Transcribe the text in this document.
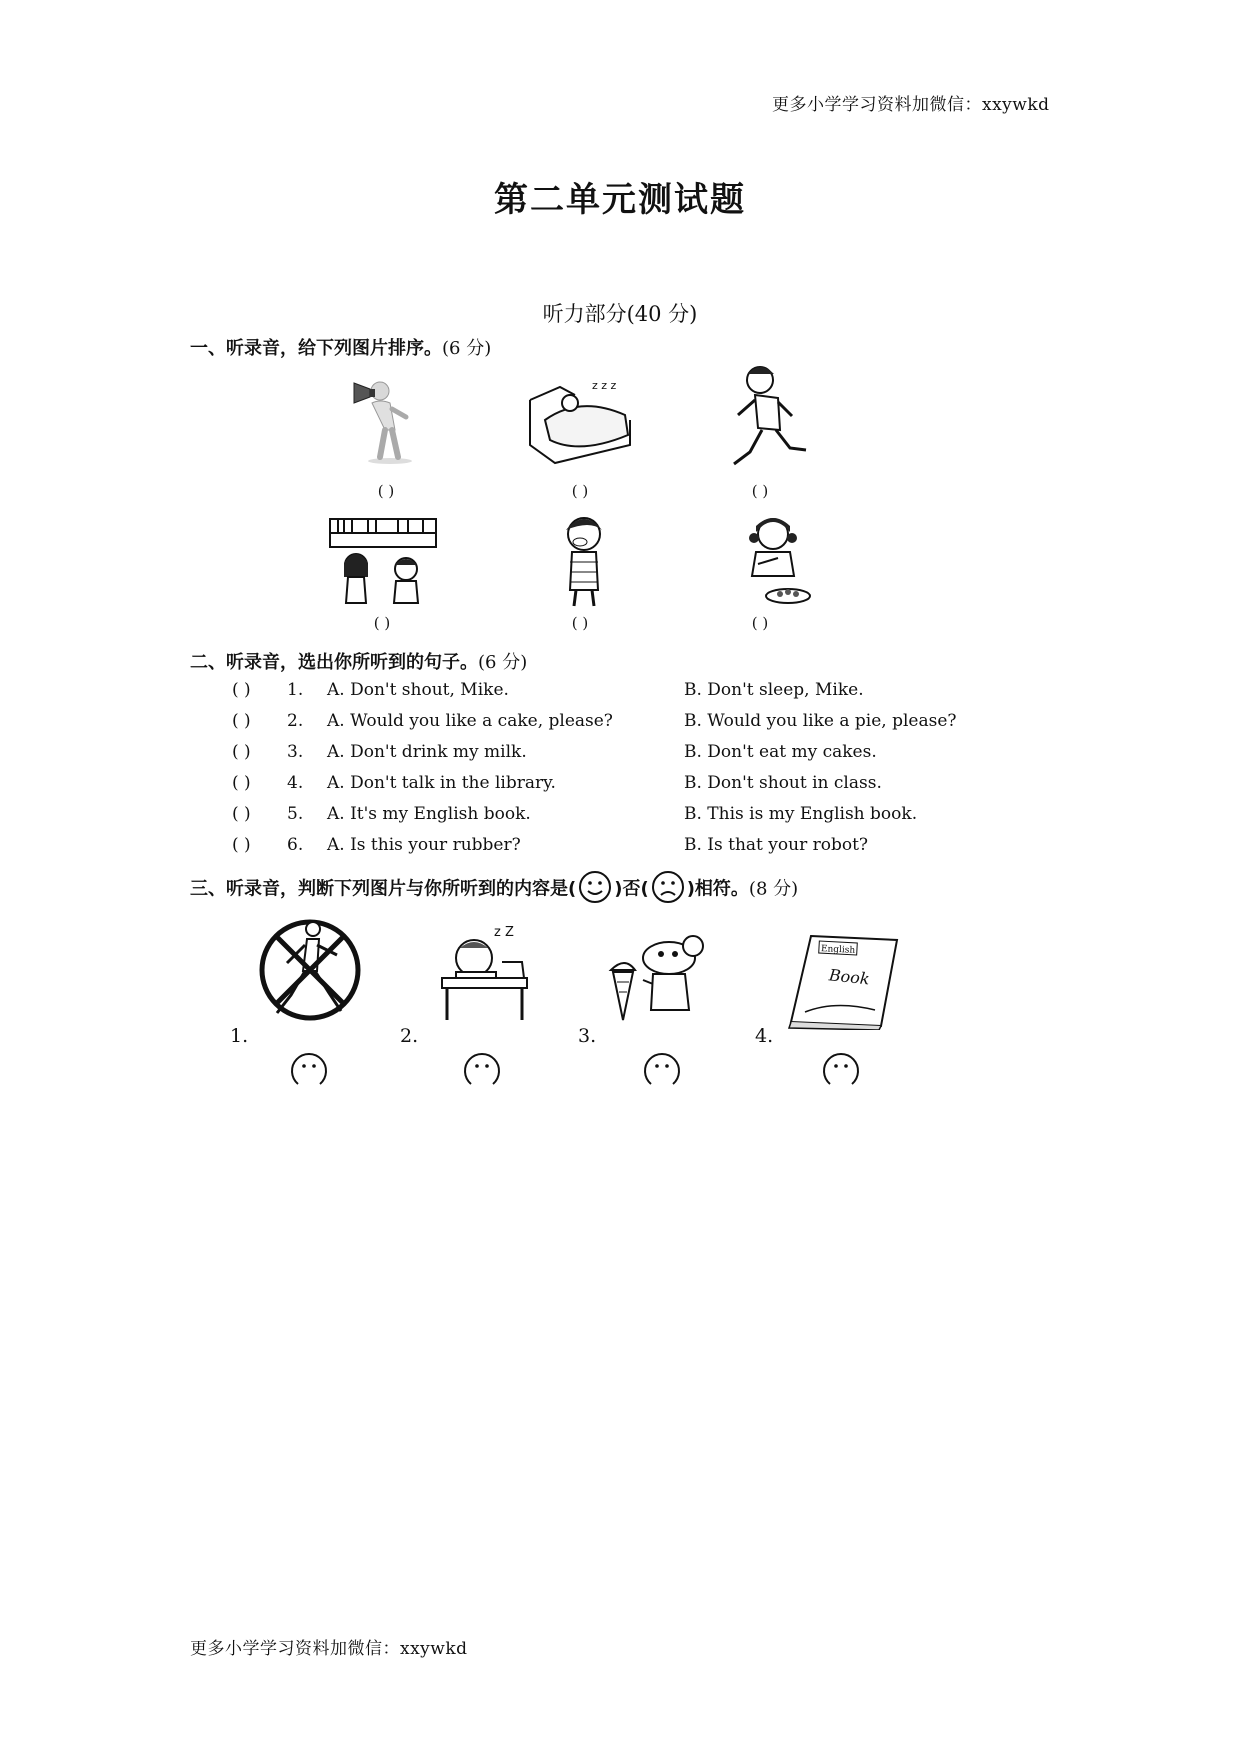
更多小学学习资料加微信：xxywkd
第二单元测试题
听力部分(40 分)
一、听录音，给下列图片排序。(6 分)
( )
z z z
( )	( )
( )	( )	( )
二、听录音，选出你所听到的句子。(6 分)
( ) 1. A. Don't shout, Mike.	B. Don't sleep, Mike.
( ) 2. A. Would you like a cake, please?	B. Would you like a pie, please?
( ) 3. A. Don't drink my milk.	B. Don't eat my cakes.
( ) 4. A. Don't talk in the library.	B. Don't shout in class.
( ) 5. A. It's my English book.	B. This is my English book.
( ) 6. A. Is this your rubber?	B. Is that your robot?
三、听录音，判断下列图片与你所听到的内容是( )否( )相符。(8 分)
1.
z Z
2.	3.
English
Book
4.
更多小学学习资料加微信：xxywkd
